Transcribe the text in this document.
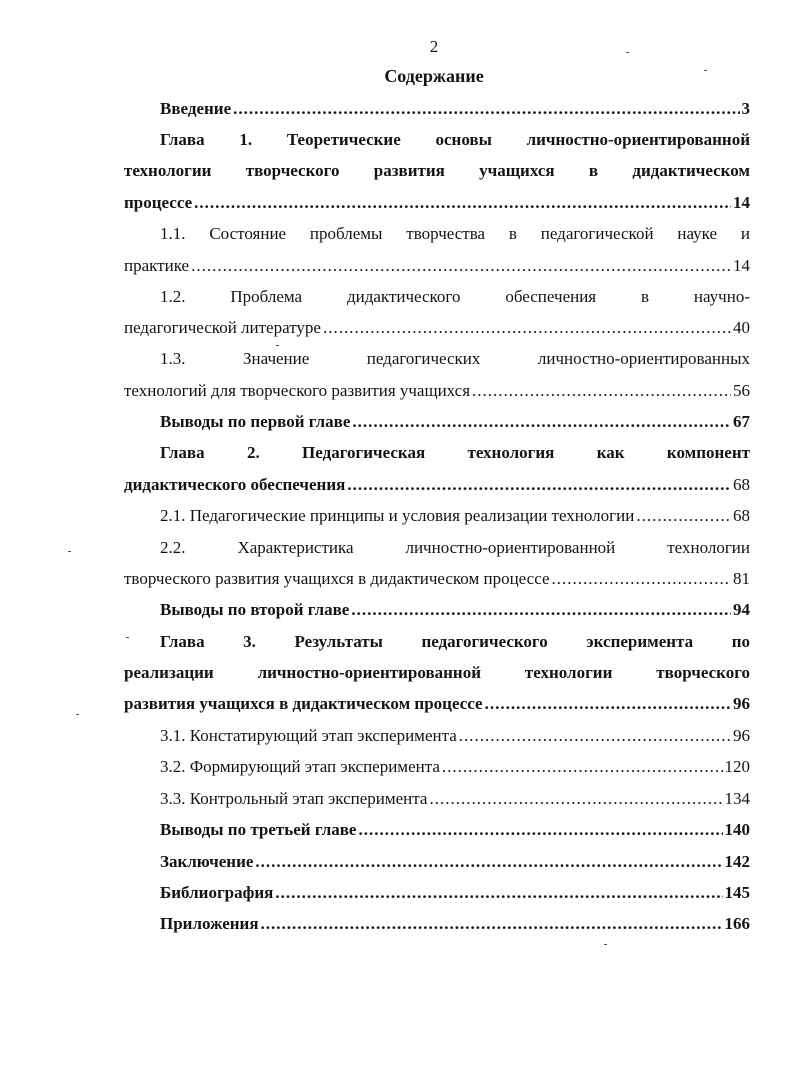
2
Содержание
Введение .....	3
Глава 1. Теоретические основы личностно-ориентированной
технологии творческого развития учащихся в дидактическом
процессе .....	14
1.1. Состояние проблемы творчества в педагогической науке и
практике .....	14
1.2. Проблема дидактического обеспечения в научно-
педагогической литературе .....	40
1.3. Значение педагогических личностно-ориентированных
технологий для творческого развития учащихся .....	56
Выводы по первой главе .....	67
Глава 2. Педагогическая технология как компонент
дидактического обеспечения .....	68
2.1. Педагогические принципы и условия реализации технологии .....	68
2.2. Характеристика личностно-ориентированной технологии
творческого развития учащихся в дидактическом процессе .....	81
Выводы по второй главе .....	94
Глава 3. Результаты педагогического эксперимента по
реализации личностно-ориентированной технологии творческого
развития учащихся в дидактическом процессе .....	96
3.1. Констатирующий этап эксперимента .....	96
3.2. Формирующий этап эксперимента .....	120
3.3. Контрольный этап эксперимента .....	134
Выводы по третьей главе .....	140
Заключение .....	142
Библиография .....	145
Приложения .....	166
